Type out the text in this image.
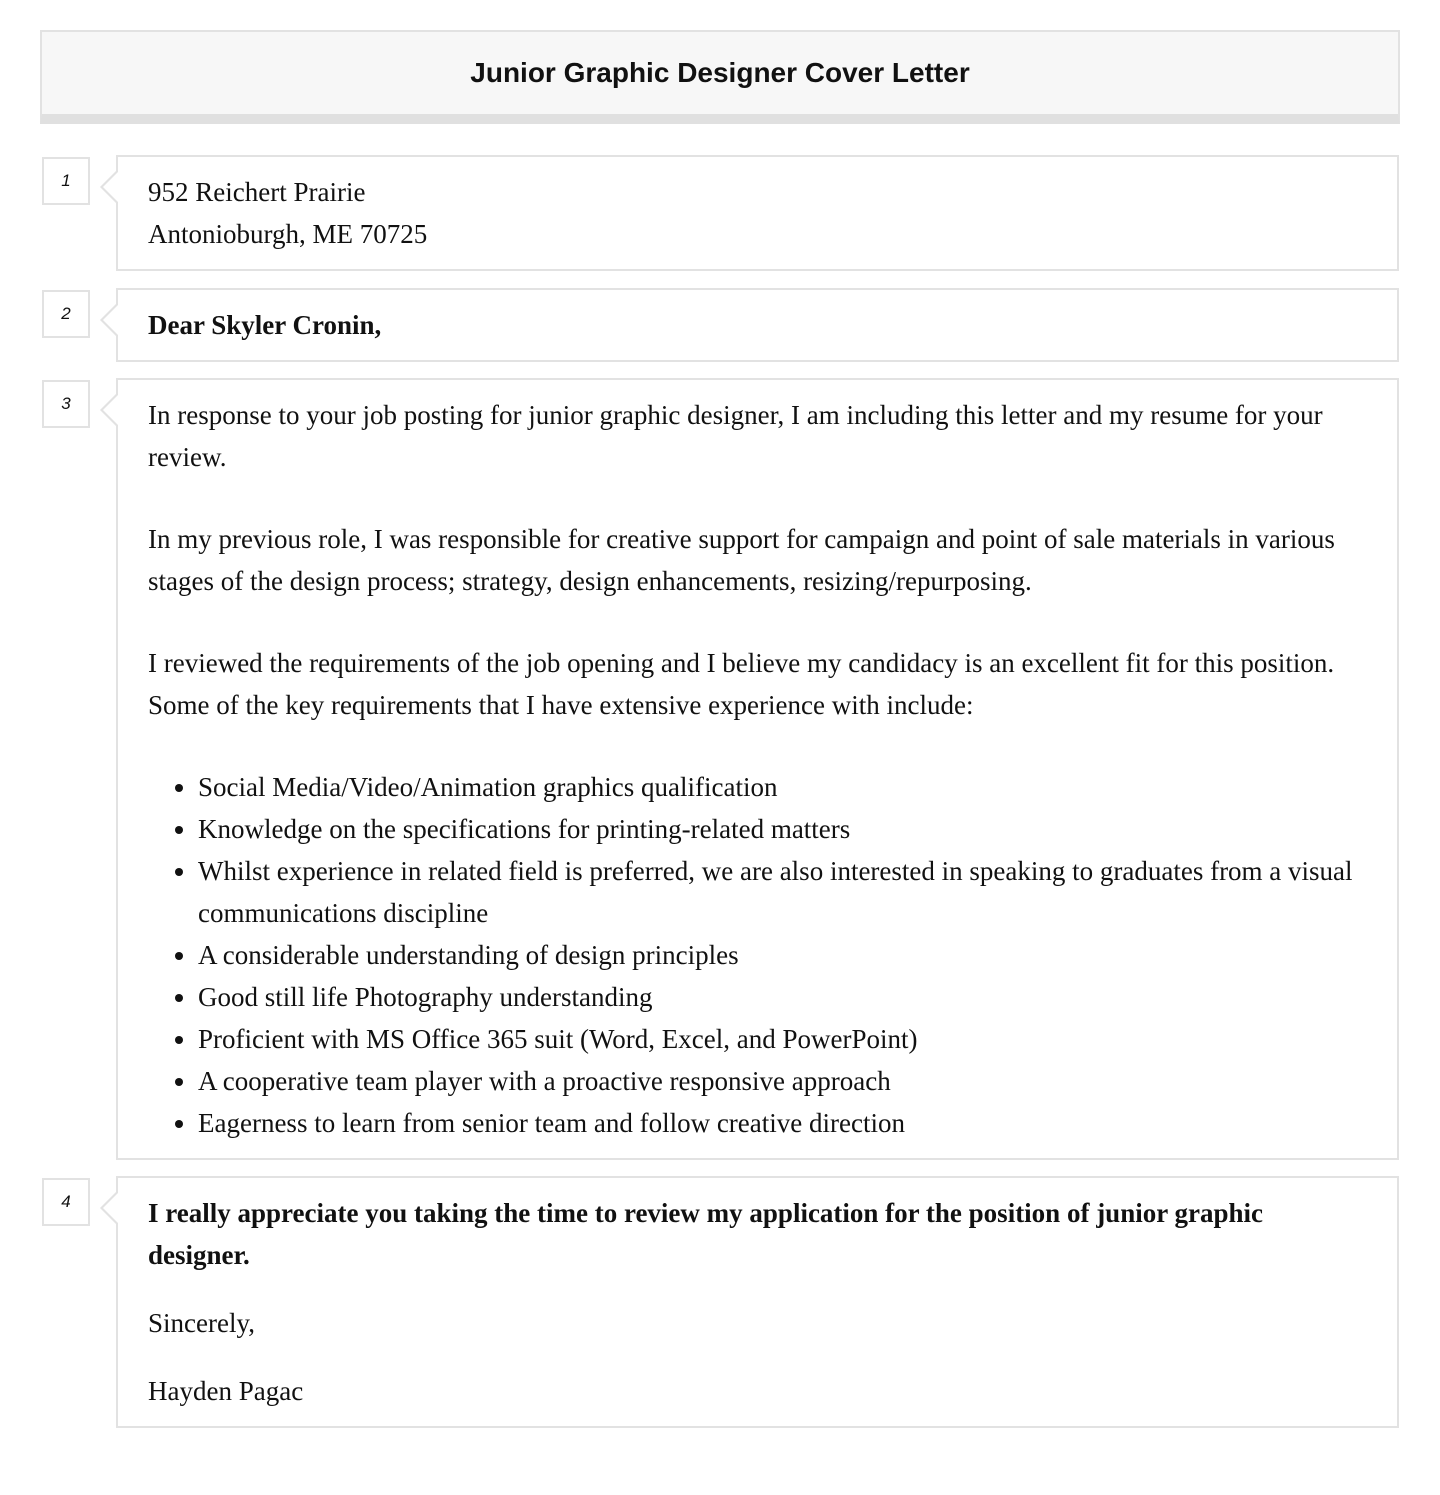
Junior Graphic Designer Cover Letter
1	952 Reichert Prairie

Antonioburgh, ME 70725

2	Dear Skyler Cronin,

3	In response to your job posting for junior graphic designer, I am including this letter and my resume for your review.

In my previous role, I was responsible for creative support for campaign and point of sale materials in various stages of the design process; strategy, design enhancements, resizing/repurposing.

I reviewed the requirements of the job opening and I believe my candidacy is an excellent fit for this position. Some of the key requirements that I have extensive experience with include:

• Social Media/Video/Animation graphics qualification
• Knowledge on the specifications for printing-related matters
• Whilst experience in related field is preferred, we are also interested in speaking to graduates from a visual communications discipline
• A considerable understanding of design principles
• Good still life Photography understanding
• Proficient with MS Office 365 suit (Word, Excel, and PowerPoint)
• A cooperative team player with a proactive responsive approach
• Eagerness to learn from senior team and follow creative direction
4	I really appreciate you taking the time to review my application for the position of junior graphic designer.

Sincerely,

Hayden Pagac
